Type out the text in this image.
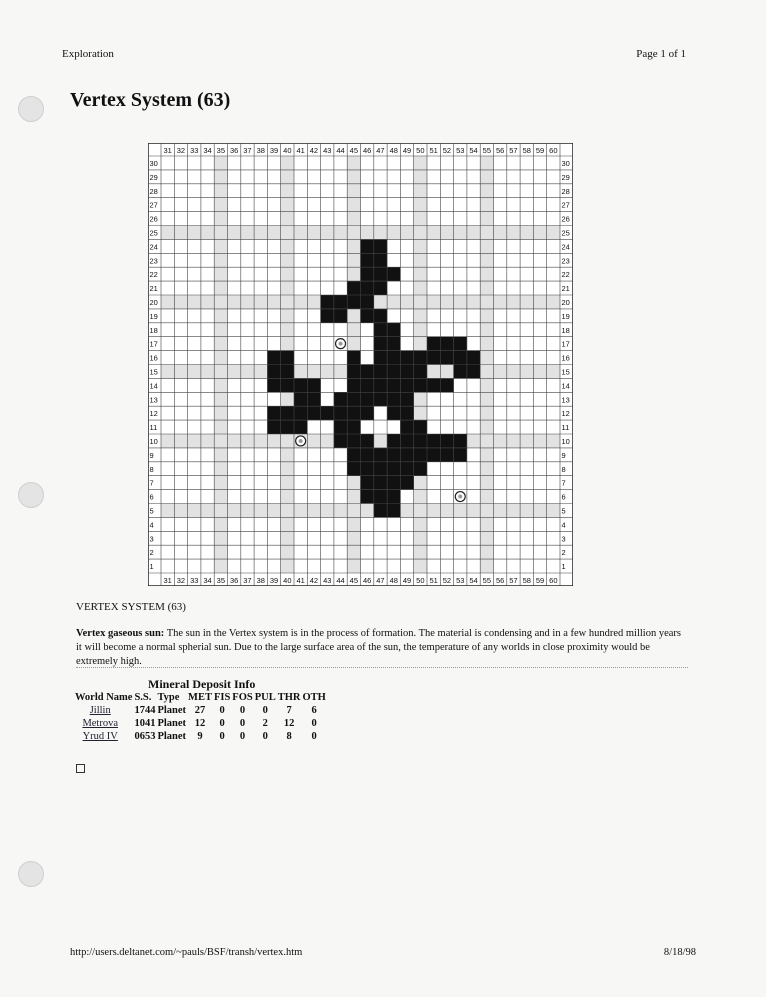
Exploration	Page 1 of 1
Vertex System (63)
31
31
32
32
33
33
34
34
35
35
36
36
37
37
38
38
39
39
40
40
41
41
42
42
43
43
44
44
45
45
46
46
47
47
48
48
49
49
50
50
51
51
52
52
53
53
54
54
55
55
56
56
57
57
58
58
59
59
60
60
30	30
29	29
28	28
27	27
26	26
25	25
24	24
23	23
22	22
21	21
20	20
19	19
18	18
17	17
16	16
15	15
14	14
13	13
12	12
11	11
10	10
9	9
8	8
7	7
6	6
5	5
4	4
3	3
2	2
1	1
VERTEX SYSTEM (63)
Vertex gaseous sun: The sun in the Vertex system is in the process of formation. The material is condensing and in a few hundred million years it will become a normal spherial sun. Due to the large surface area of the sun, the temperature of any worlds in close proximity would be extremely high.
Mineral Deposit Info
World Name	S.S.	Type	MET	FIS	FOS	PUL	THR	OTH
Jillin	1744	Planet	27	0	0	0	7	6
Metrova	1041	Planet	12	0	0	2	12	0
Yrud IV	0653	Planet	9	0	0	0	8	0
http://users.deltanet.com/~pauls/BSF/transh/vertex.htm	8/18/98
